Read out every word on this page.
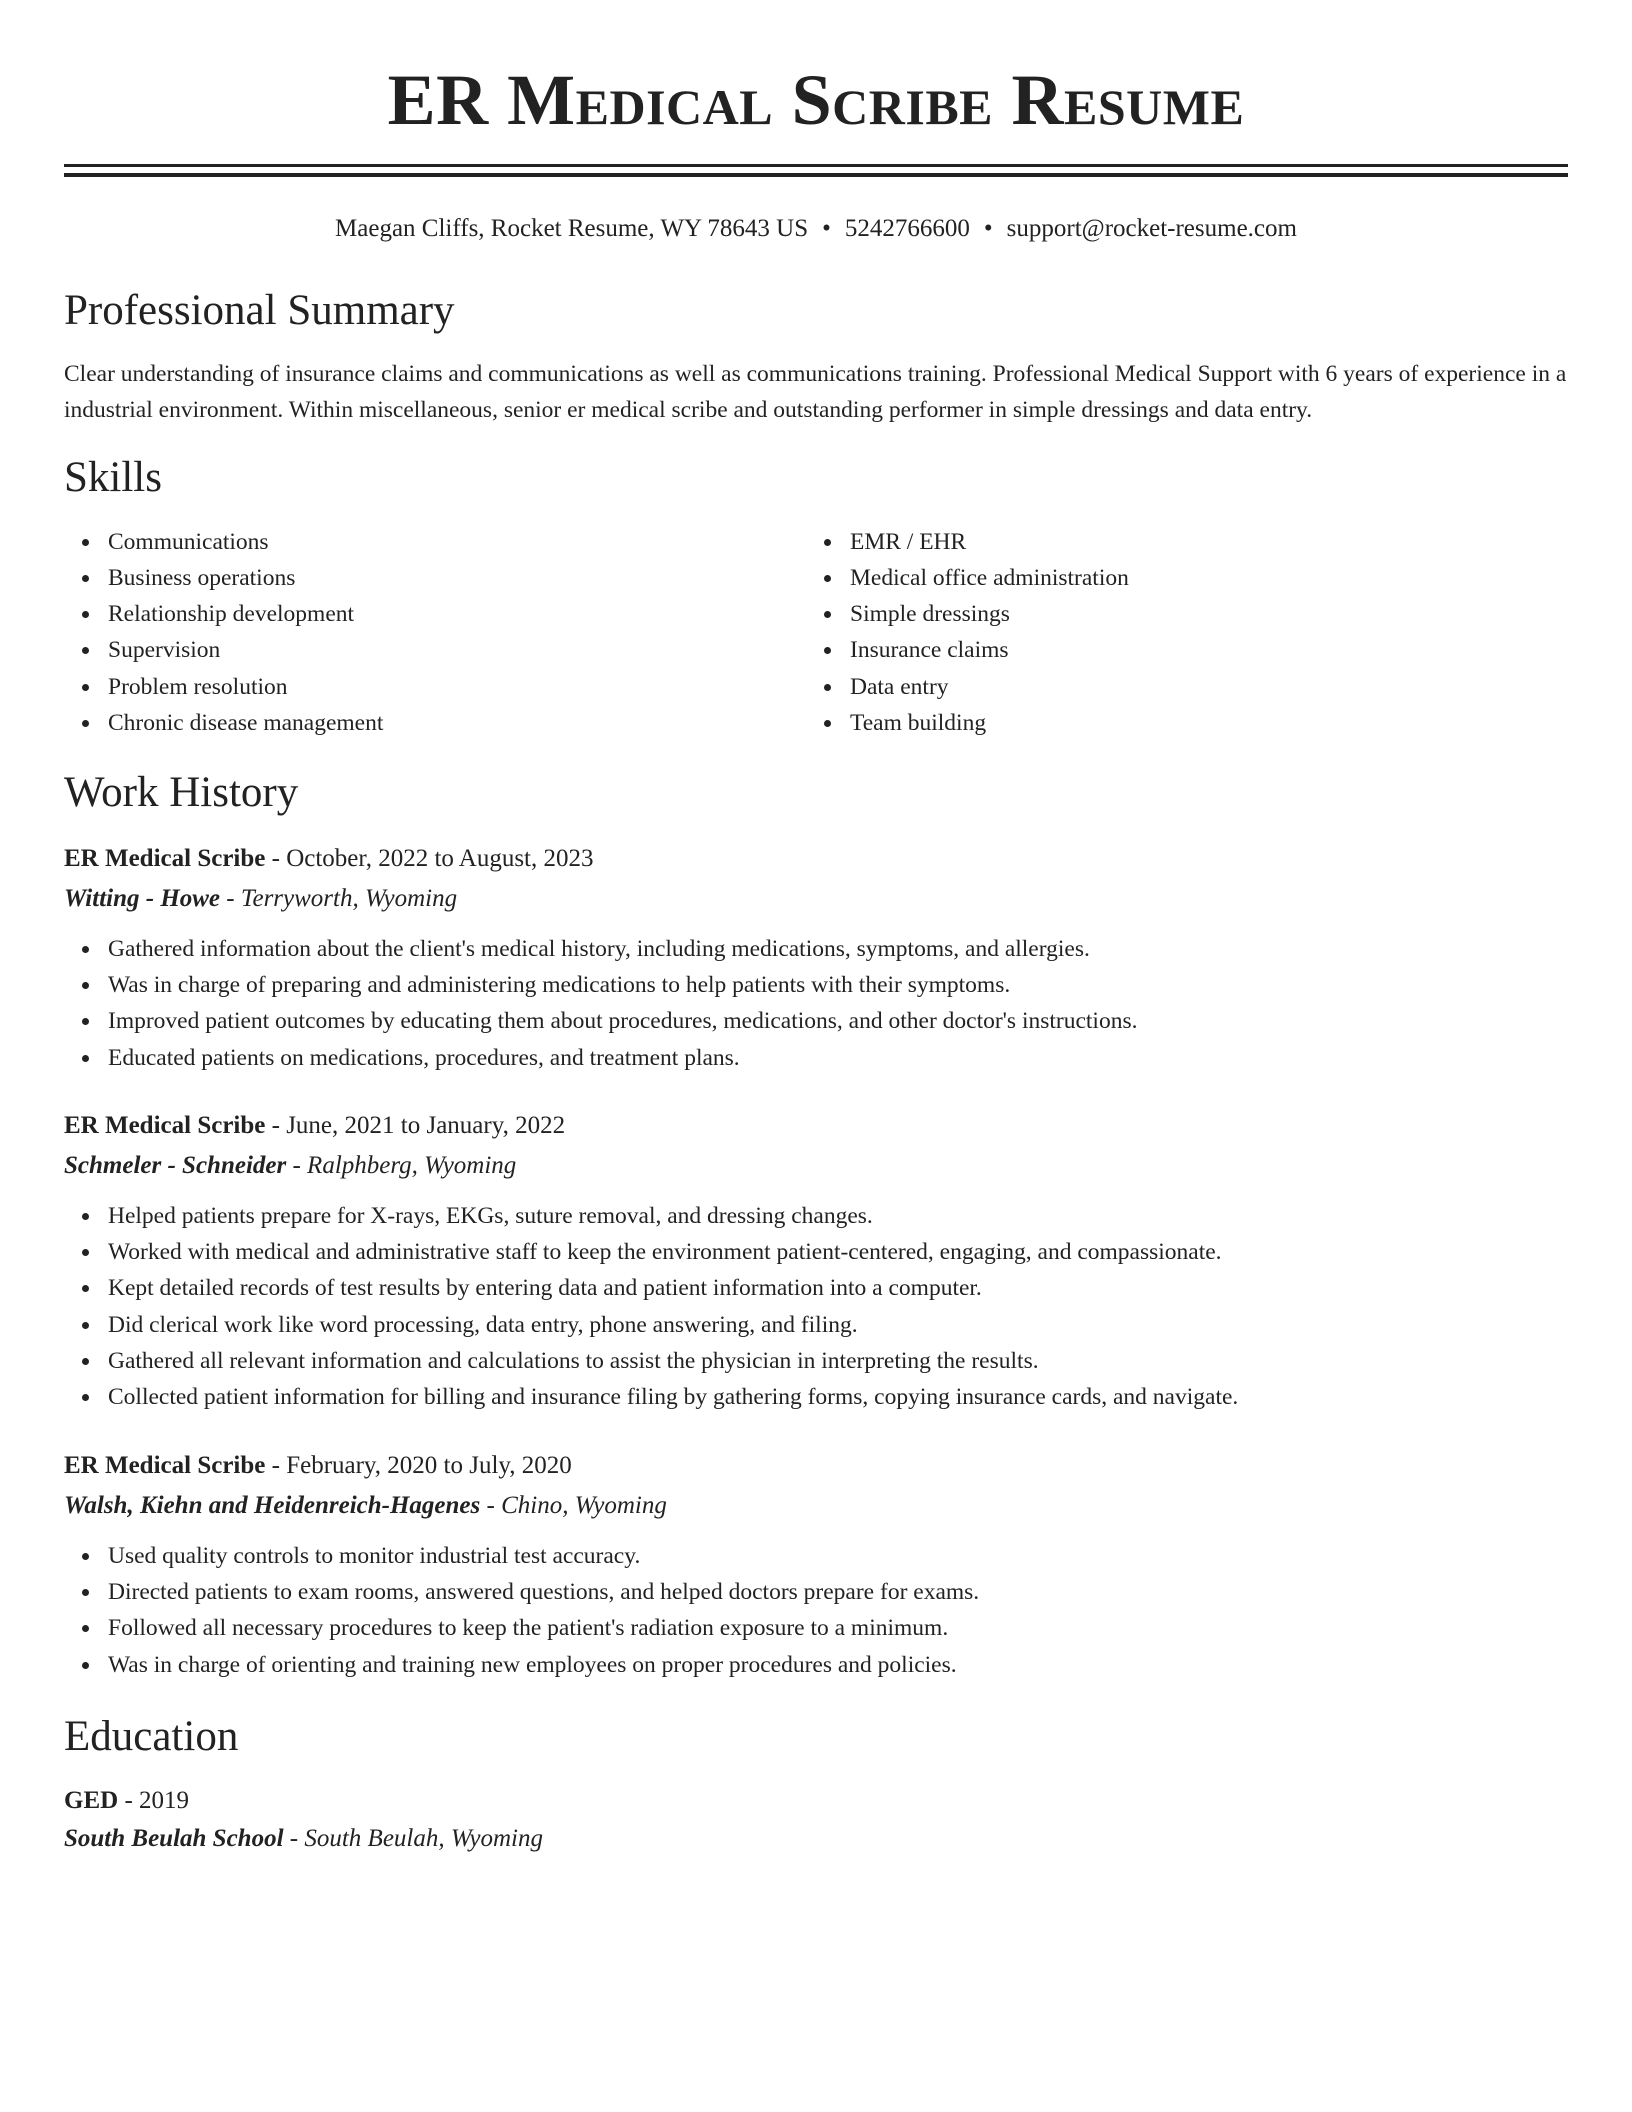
ER Medical Scribe Resume
Maegan Cliffs, Rocket Resume, WY 78643 US • 5242766600 • support@rocket-resume.com
Professional Summary
Clear understanding of insurance claims and communications as well as communications training. Professional Medical Support with 6 years of experience in a industrial environment. Within miscellaneous, senior er medical scribe and outstanding performer in simple dressings and data entry.
Skills
Communications
Business operations
Relationship development
Supervision
Problem resolution
Chronic disease management
EMR / EHR
Medical office administration
Simple dressings
Insurance claims
Data entry
Team building
Work History
ER Medical Scribe - October, 2022 to August, 2023
Witting - Howe - Terryworth, Wyoming
Gathered information about the client's medical history, including medications, symptoms, and allergies.
Was in charge of preparing and administering medications to help patients with their symptoms.
Improved patient outcomes by educating them about procedures, medications, and other doctor's instructions.
Educated patients on medications, procedures, and treatment plans.
ER Medical Scribe - June, 2021 to January, 2022
Schmeler - Schneider - Ralphberg, Wyoming
Helped patients prepare for X-rays, EKGs, suture removal, and dressing changes.
Worked with medical and administrative staff to keep the environment patient-centered, engaging, and compassionate.
Kept detailed records of test results by entering data and patient information into a computer.
Did clerical work like word processing, data entry, phone answering, and filing.
Gathered all relevant information and calculations to assist the physician in interpreting the results.
Collected patient information for billing and insurance filing by gathering forms, copying insurance cards, and navigate.
ER Medical Scribe - February, 2020 to July, 2020
Walsh, Kiehn and Heidenreich-Hagenes - Chino, Wyoming
Used quality controls to monitor industrial test accuracy.
Directed patients to exam rooms, answered questions, and helped doctors prepare for exams.
Followed all necessary procedures to keep the patient's radiation exposure to a minimum.
Was in charge of orienting and training new employees on proper procedures and policies.
Education
GED - 2019
South Beulah School - South Beulah, Wyoming
